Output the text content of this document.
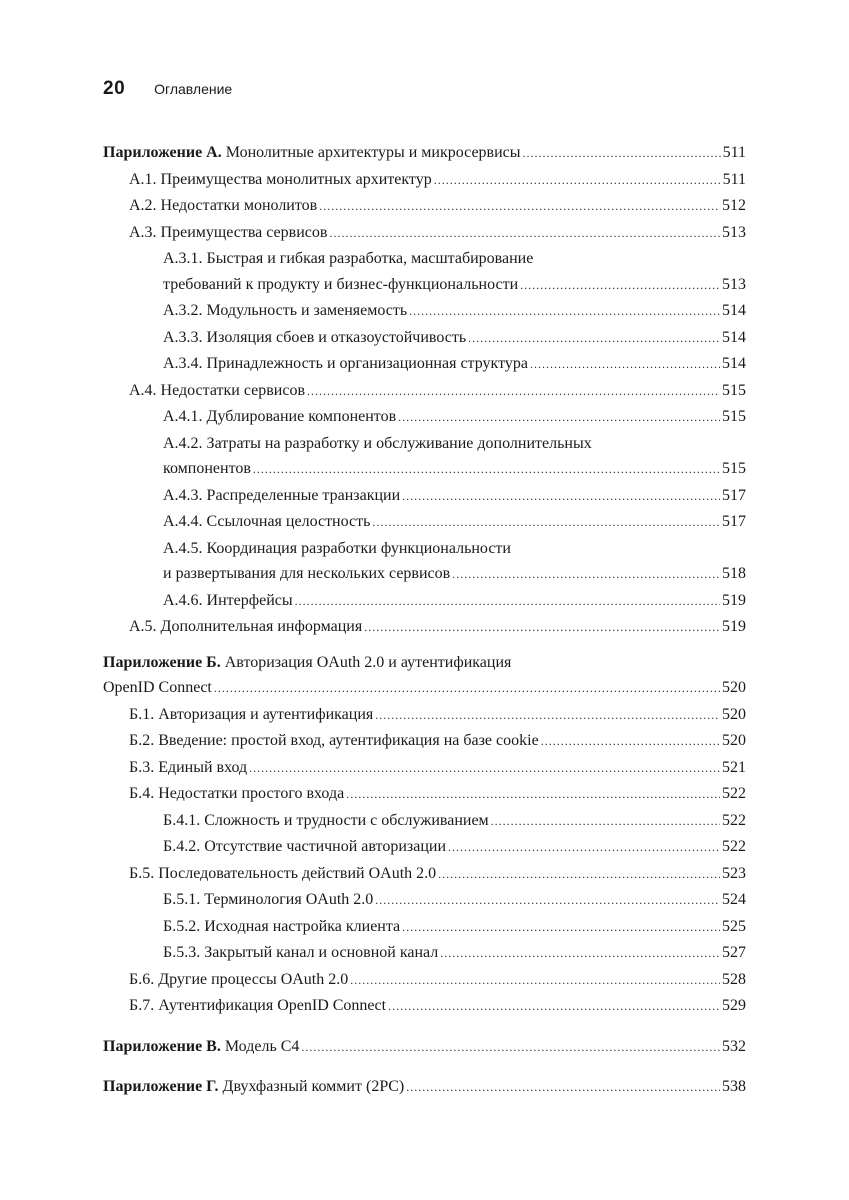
20 Оглавление
Париложение А. Монолитные архитектуры и микросервисы .....	511
А.1. Преимущества монолитных архитектур .....	511
А.2. Недостатки монолитов .....	512
А.3. Преимущества сервисов .....	513
А.3.1. Быстрая и гибкая разработка, масштабирование
требований к продукту и бизнес-функциональности .....	513
А.3.2. Модульность и заменяемость .....	514
А.3.3. Изоляция сбоев и отказоустойчивость .....	514
А.3.4. Принадлежность и организационная структура .....	514
А.4. Недостатки сервисов .....	515
А.4.1. Дублирование компонентов .....	515
А.4.2. Затраты на разработку и обслуживание дополнительных
компонентов .....	515
А.4.3. Распределенные транзакции .....	517
А.4.4. Ссылочная целостность .....	517
А.4.5. Координация разработки функциональности
и развертывания для нескольких сервисов .....	518
А.4.6. Интерфейсы .....	519
А.5. Дополнительная информация .....	519
Париложение Б. Авторизация OAuth 2.0 и аутентификация
OpenID Connect .....	520
Б.1. Авторизация и аутентификация .....	520
Б.2. Введение: простой вход, аутентификация на базе cookie .....	520
Б.3. Единый вход .....	521
Б.4. Недостатки простого входа .....	522
Б.4.1. Сложность и трудности с обслуживанием .....	522
Б.4.2. Отсутствие частичной авторизации .....	522
Б.5. Последовательность действий OAuth 2.0 .....	523
Б.5.1. Терминология OAuth 2.0 .....	524
Б.5.2. Исходная настройка клиента .....	525
Б.5.3. Закрытый канал и основной канал .....	527
Б.6. Другие процессы OAuth 2.0 .....	528
Б.7. Аутентификация OpenID Connect .....	529
Париложение В. Модель C4 .....	532
Париложение Г. Двухфазный коммит (2PC) .....	538
